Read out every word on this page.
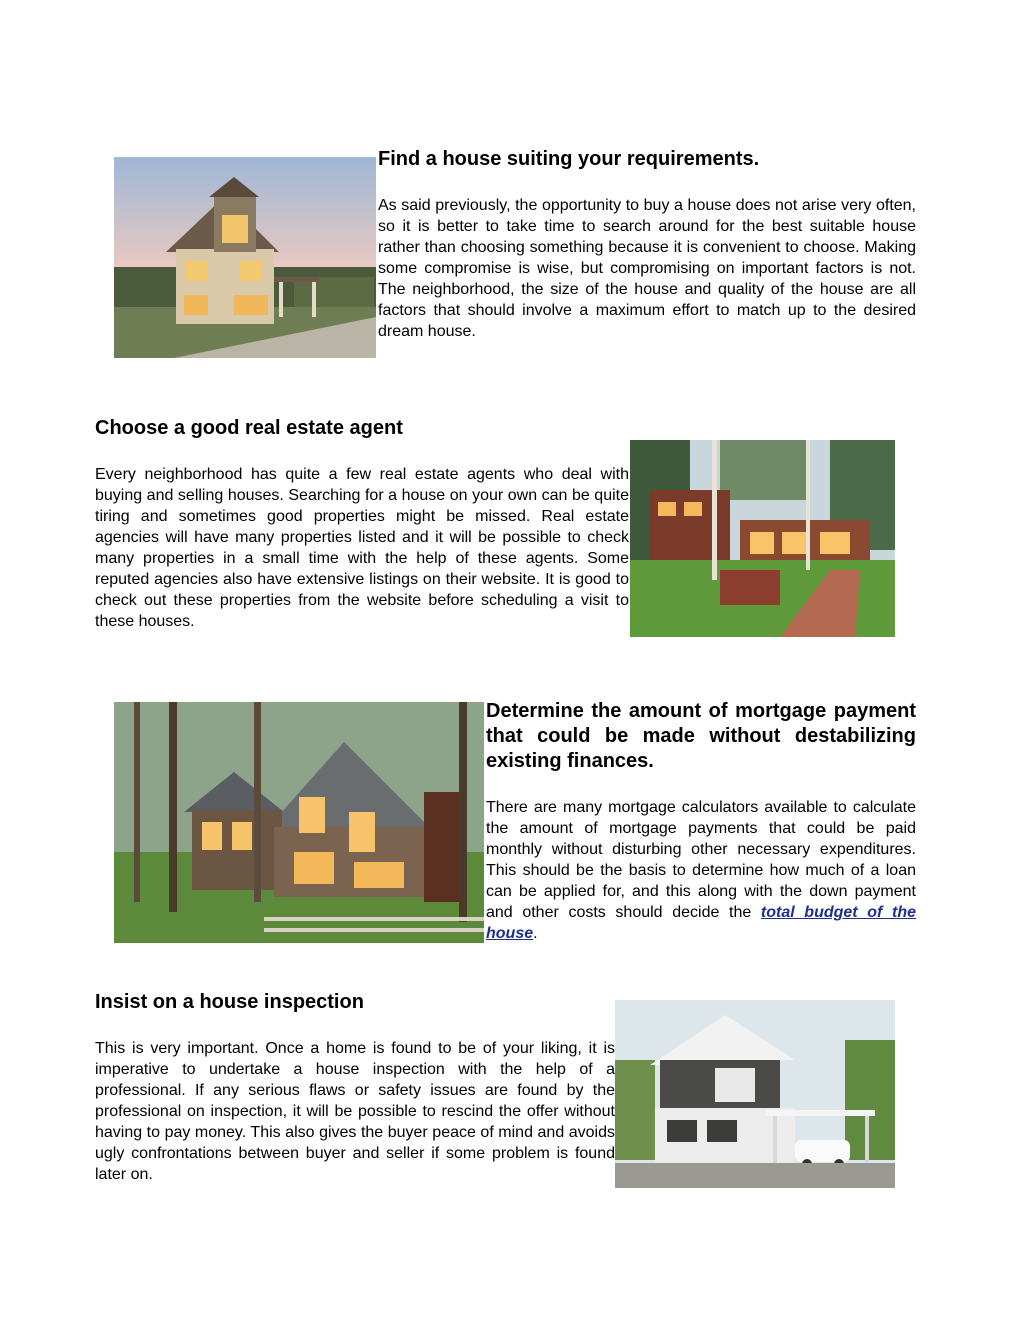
Find a house suiting your requirements.

As said previously, the opportunity to buy a house does not arise very often, so it is better to take time to search around for the best suitable house rather than choosing something because it is convenient to choose. Making some compromise is wise, but compromising on important factors is not. The neighborhood, the size of the house and quality of the house are all factors that should involve a maximum effort to match up to the desired dream house.

Choose a good real estate agent

Every neighborhood has quite a few real estate agents who deal with buying and selling houses. Searching for a house on your own can be quite tiring and sometimes good properties might be missed. Real estate agencies will have many properties listed and it will be possible to check many properties in a small time with the help of these agents. Some reputed agencies also have extensive listings on their website. It is good to check out these properties from the website before scheduling a visit to these houses.

Determine the amount of mortgage payment that could be made without destabilizing existing finances.

There are many mortgage calculators available to calculate the amount of mortgage payments that could be paid monthly without disturbing other necessary expenditures. This should be the basis to determine how much of a loan can be applied for, and this along with the down payment and other costs should decide the total budget of the house.

Insist on a house inspection

This is very important. Once a home is found to be of your liking, it is imperative to undertake a house inspection with the help of a professional. If any serious flaws or safety issues are found by the professional on inspection, it will be possible to rescind the offer without having to pay money. This also gives the buyer peace of mind and avoids ugly confrontations between buyer and seller if some problem is found later on.
